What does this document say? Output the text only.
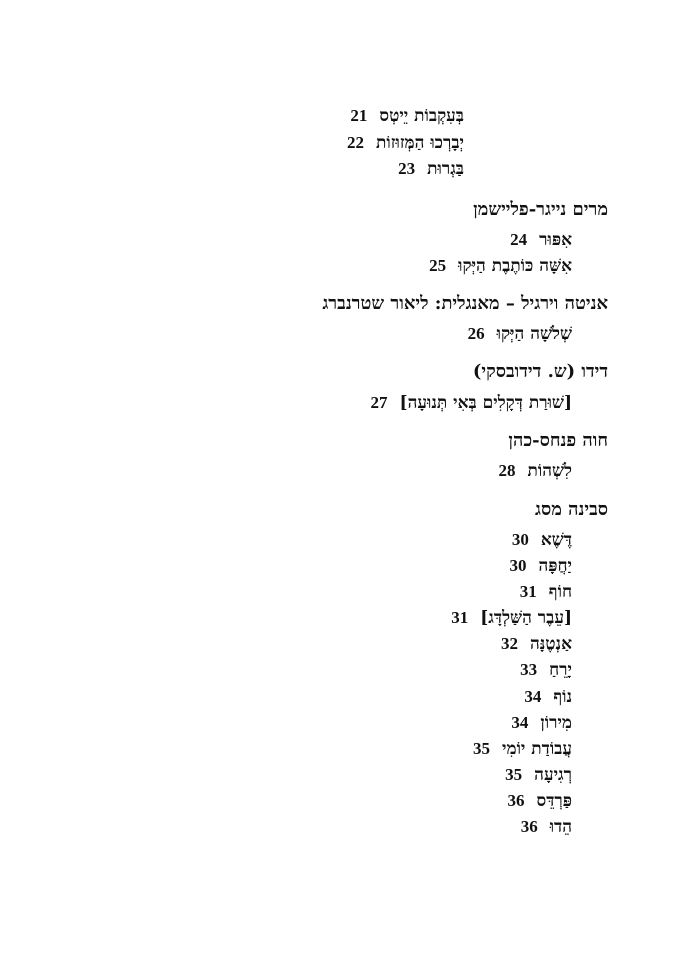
בְּעִקְבוֹת יֵיטְס
21
יְבָרְכוּ הַמְּזוּזוֹת
22
בַּגְרוּת
23
מרים נייגר-פליישמן
אִפּוּר
24
אִשָּׁה כּוֹתֶבֶת הַיְּקוּ
25
אניטה וירגיל – מאנגלית: ליאור שטרנברג
שְׁלֹשָׁה הַיְּקוּ
26
דידו (ש. דידובסקי)
[שׁוּרַת דְּקָלִים בְּאִי תְּנוּעָה]
27
חוה פנחס-כהן
לִשְׁהוֹת
28
סבינה מסג
דֶּשֶׁא
30
יַחֲפָּה
30
חוֹף
31
[עֵבֶר הַשַּׁלְדָּג]
31
אַנְטֶנָּה
32
יָרֵחַ
33
נוֹף
34
מִירוֹן
34
עֲבוֹדַת יוֹמִי
35
רְגִיעָה
35
פַּרְדֵּס
36
הֵדוּ
36
